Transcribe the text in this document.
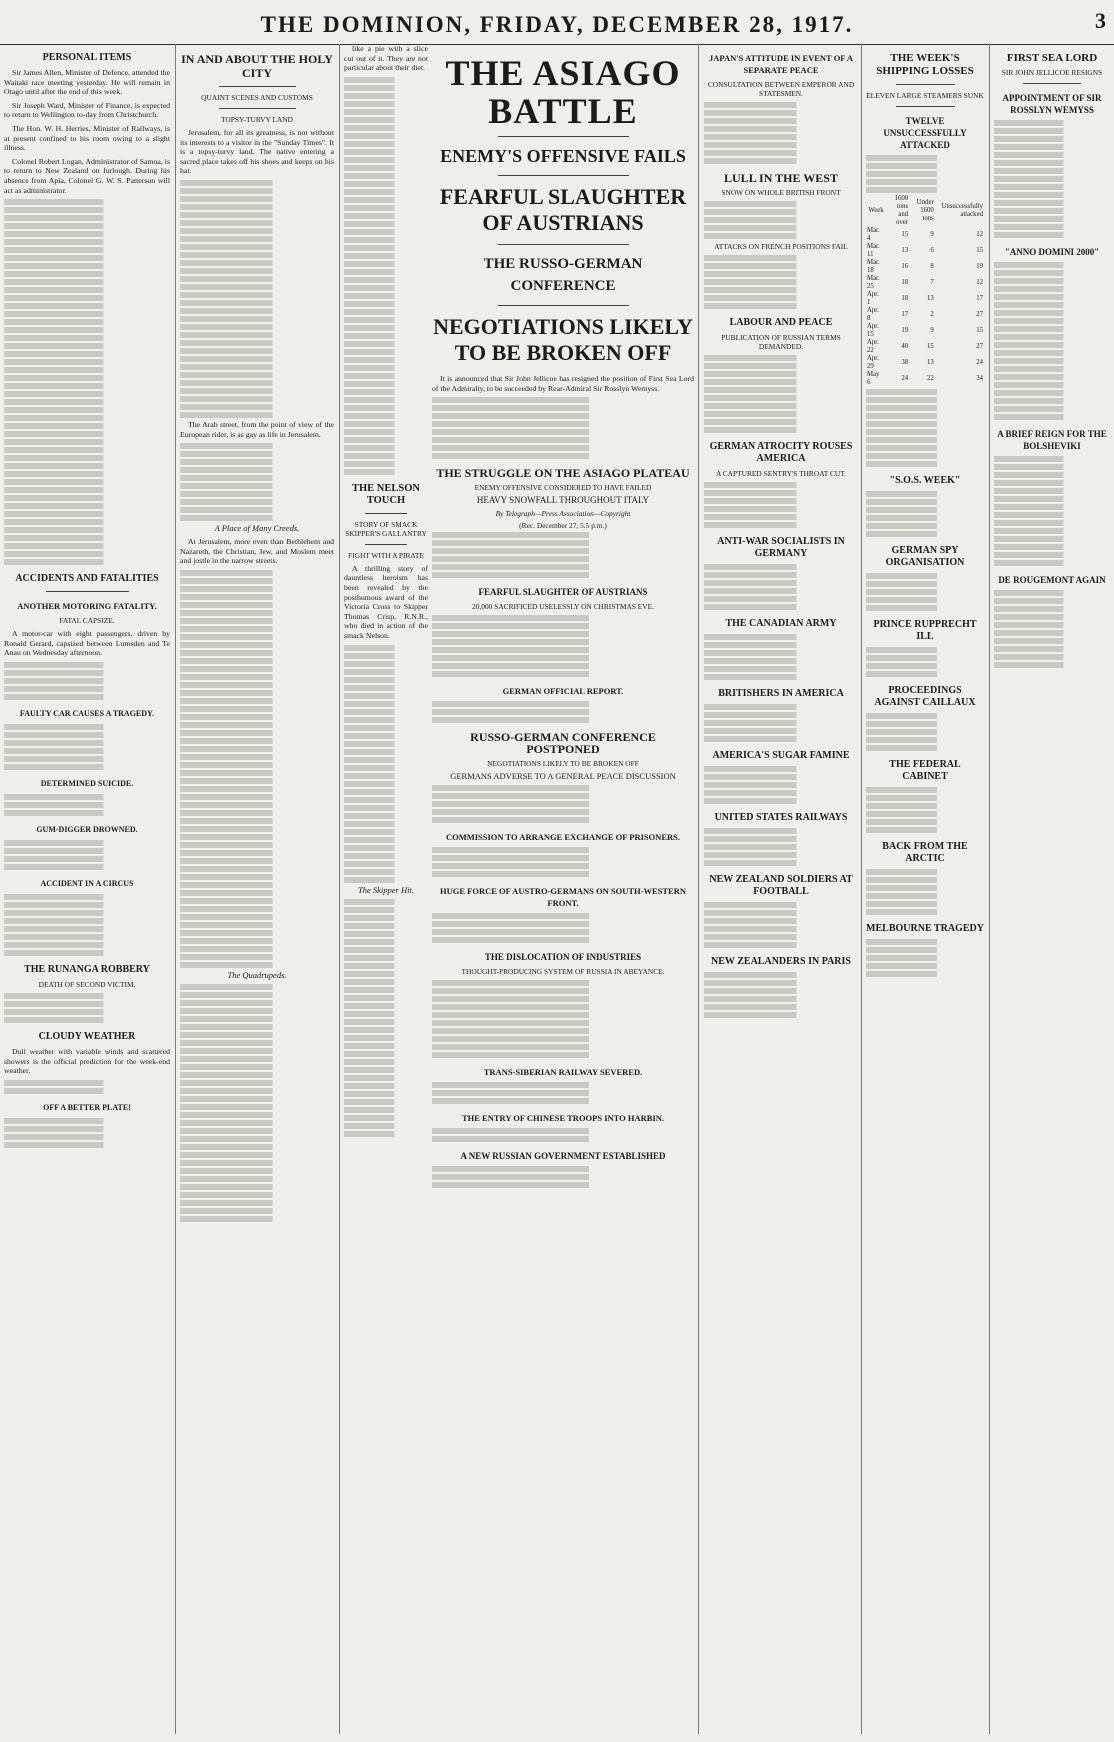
THE DOMINION, FRIDAY, DECEMBER 28, 1917.	3
PERSONAL ITEMS

Sir James Allen, Minister of Defence, attended the Waitaki race meeting yesterday. He will remain in Otago until after the end of this week.

Sir Joseph Ward, Minister of Finance, is expected to return to Wellington to-day from Christchurch.

The Hon. W. H. Herries, Minister of Railways, is at present confined to his room owing to a slight illness.

Colonel Robert Logan, Administrator of Samoa, is to return to New Zealand on furlough. During his absence from Apia, Colonel G. W. S. Patterson will act as administrator.

ACCIDENTS AND FATALITIES
ANOTHER MOTORING FATALITY.
FATAL CAPSIZE.

A motor-car with eight passengers, driven by Ronald Gerard, capsized between Lumsden and Te Anau on Wednesday afternoon.

FAULTY CAR CAUSES A TRAGEDY.
DETERMINED SUICIDE.
GUM-DIGGER DROWNED.
ACCIDENT IN A CIRCUS
THE RUNANGA ROBBERY
DEATH OF SECOND VICTIM.
CLOUDY WEATHER

Dull weather with variable winds and scattered showers is the official prediction for the week-end weather.

OFF A BETTER PLATE!
IN AND ABOUT THE HOLY CITY
QUAINT SCENES AND CUSTOMS
TOPSY-TURVY LAND

Jerusalem, for all its greatness, is not without its interests to a visitor in the "Sunday Times". It is a topsy-turvy land. The native entering a sacred place takes off his shoes and keeps on his hat.

The Arab street, from the point of view of the European rider, is as gay as life in Jerusalem.

A Place of Many Creeds.

At Jerusalem, more even than Bethlehem and Nazareth, the Christian, Jew, and Moslem meet and jostle in the narrow streets.

The Quadrupeds.

like a pie with a slice cut out of it. They are not particular about their diet.

THE NELSON TOUCH
STORY OF SMACK SKIPPER'S GALLANTRY
FIGHT WITH A PIRATE

A thrilling story of dauntless heroism has been revealed by the posthumous award of the Victoria Cross to Skipper Thomas Crisp, R.N.R., who died in action of the smack Nelson.

The Skipper Hit.
THE ASIAGO BATTLE
ENEMY'S OFFENSIVE FAILS
FEARFUL SLAUGHTER OF AUSTRIANS
THE RUSSO-GERMAN CONFERENCE
NEGOTIATIONS LIKELY TO BE BROKEN OFF

It is announced that Sir John Jellicoe has resigned the position of First Sea Lord of the Admiralty, to be succeeded by Rear-Admiral Sir Rosslyn Wemyss.

THE STRUGGLE ON THE ASIAGO PLATEAU
ENEMY OFFENSIVE CONSIDERED TO HAVE FAILED
HEAVY SNOWFALL THROUGHOUT ITALY
By Telegraph—Press Association—Copyright
(Rec. December 27, 5.5 p.m.)
FEARFUL SLAUGHTER OF AUSTRIANS
20,000 SACRIFICED USELESSLY ON CHRISTMAS EVE.
GERMAN OFFICIAL REPORT.
RUSSO-GERMAN CONFERENCE POSTPONED
NEGOTIATIONS LIKELY TO BE BROKEN OFF
GERMANS ADVERSE TO A GENERAL PEACE DISCUSSION
COMMISSION TO ARRANGE EXCHANGE OF PRISONERS.
HUGE FORCE OF AUSTRO-GERMANS ON SOUTH-WESTERN FRONT.
THE DISLOCATION OF INDUSTRIES
THOUGHT-PRODUCING SYSTEM OF RUSSIA IN ABEYANCE.
TRANS-SIBERIAN RAILWAY SEVERED.
THE ENTRY OF CHINESE TROOPS INTO HARBIN.
A NEW RUSSIAN GOVERNMENT ESTABLISHED
JAPAN'S ATTITUDE IN EVENT OF A SEPARATE PEACE
CONSULTATION BETWEEN EMPEROR AND STATESMEN.
LULL IN THE WEST
SNOW ON WHOLE BRITISH FRONT
ATTACKS ON FRENCH POSITIONS FAIL
LABOUR AND PEACE
PUBLICATION OF RUSSIAN TERMS DEMANDED.
GERMAN ATROCITY ROUSES AMERICA
A CAPTURED SENTRY'S THROAT CUT.
ANTI-WAR SOCIALISTS IN GERMANY
THE CANADIAN ARMY
BRITISHERS IN AMERICA
AMERICA'S SUGAR FAMINE
UNITED STATES RAILWAYS
NEW ZEALAND SOLDIERS AT FOOTBALL
NEW ZEALANDERS IN PARIS
THE WEEK'S SHIPPING LOSSES
ELEVEN LARGE STEAMERS SUNK
TWELVE UNSUCCESSFULLY ATTACKED
Week	1600 tons and over	Under 1600 tons	Unsuccessfully attacked
Mar. 4	15	9	12
Mar. 11	13	6	15
Mar. 18	16	8	19
Mar. 25	18	7	12
Apr. 1	18	13	17
Apr. 8	17	2	27
Apr. 15	19	9	15
Apr. 22	40	15	27
Apr. 29	38	13	24
May 6	24	22	34
"S.O.S. WEEK"
GERMAN SPY ORGANISATION
PRINCE RUPPRECHT ILL
PROCEEDINGS AGAINST CAILLAUX
THE FEDERAL CABINET
BACK FROM THE ARCTIC
MELBOURNE TRAGEDY
FIRST SEA LORD
SIR JOHN JELLICOE RESIGNS
APPOINTMENT OF SIR ROSSLYN WEMYSS
"ANNO DOMINI 2000"
A BRIEF REIGN FOR THE BOLSHEVIKI
DE ROUGEMONT AGAIN
